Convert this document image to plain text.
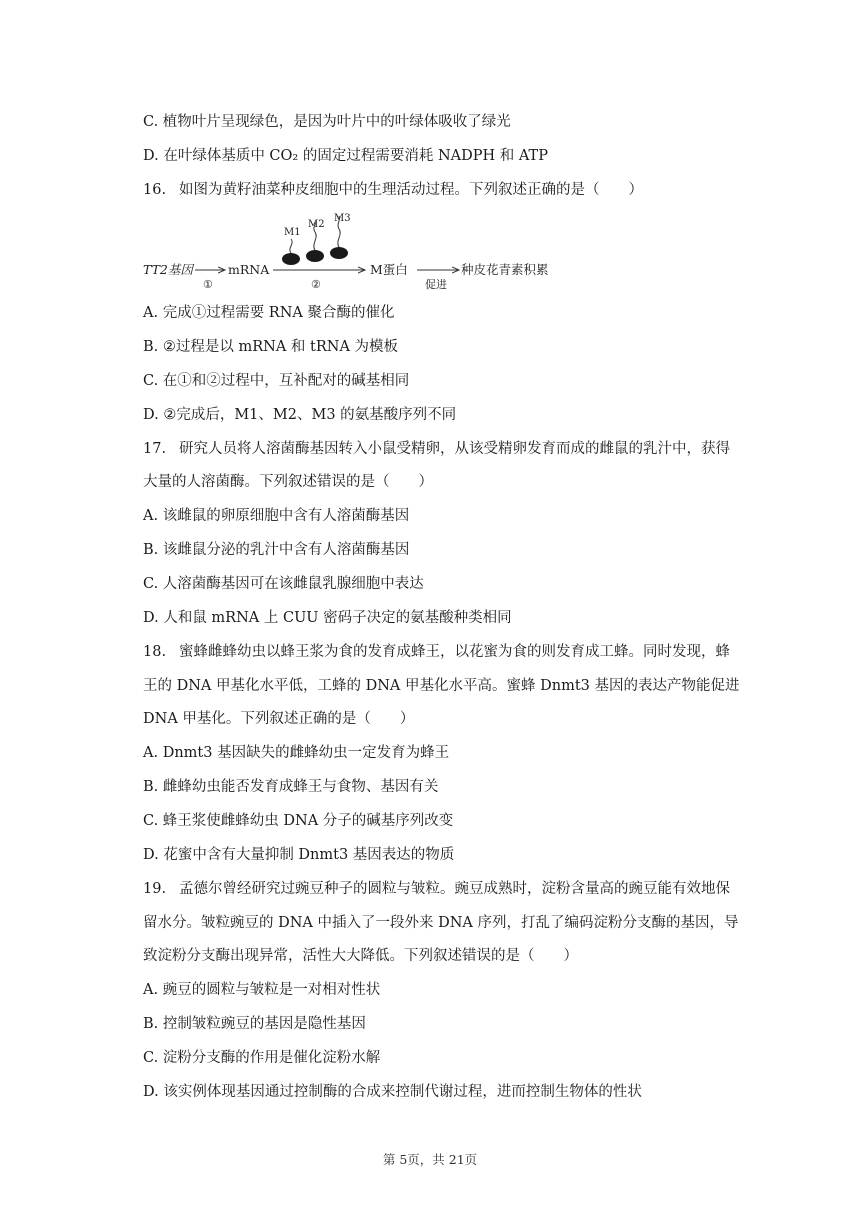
C. 植物叶片呈现绿色，是因为叶片中的叶绿体吸收了绿光
D. 在叶绿体基质中 CO₂ 的固定过程需要消耗 NADPH 和 ATP
16. 如图为黄籽油菜种皮细胞中的生理活动过程。下列叙述正确的是（　　）
TT2基因
①
mRNA
②
M1
M2
M3
M蛋白
促进
种皮花青素积累
A. 完成①过程需要 RNA 聚合酶的催化
B. ②过程是以 mRNA 和 tRNA 为模板
C. 在①和②过程中，互补配对的碱基相同
D. ②完成后，M1、M2、M3 的氨基酸序列不同
17. 研究人员将人溶菌酶基因转入小鼠受精卵，从该受精卵发育而成的雌鼠的乳汁中，获得
大量的人溶菌酶。下列叙述错误的是（　　）
A. 该雌鼠的卵原细胞中含有人溶菌酶基因
B. 该雌鼠分泌的乳汁中含有人溶菌酶基因
C. 人溶菌酶基因可在该雌鼠乳腺细胞中表达
D. 人和鼠 mRNA 上 CUU 密码子决定的氨基酸种类相同
18. 蜜蜂雌蜂幼虫以蜂王浆为食的发育成蜂王，以花蜜为食的则发育成工蜂。同时发现，蜂
王的 DNA 甲基化水平低，工蜂的 DNA 甲基化水平高。蜜蜂 Dnmt3 基因的表达产物能促进
DNA 甲基化。下列叙述正确的是（　　）
A. Dnmt3 基因缺失的雌蜂幼虫一定发育为蜂王
B. 雌蜂幼虫能否发育成蜂王与食物、基因有关
C. 蜂王浆使雌蜂幼虫 DNA 分子的碱基序列改变
D. 花蜜中含有大量抑制 Dnmt3 基因表达的物质
19. 孟德尔曾经研究过豌豆种子的圆粒与皱粒。豌豆成熟时，淀粉含量高的豌豆能有效地保
留水分。皱粒豌豆的 DNA 中插入了一段外来 DNA 序列，打乱了编码淀粉分支酶的基因，导
致淀粉分支酶出现异常，活性大大降低。下列叙述错误的是（　　）
A. 豌豆的圆粒与皱粒是一对相对性状
B. 控制皱粒豌豆的基因是隐性基因
C. 淀粉分支酶的作用是催化淀粉水解
D. 该实例体现基因通过控制酶的合成来控制代谢过程，进而控制生物体的性状
第 5页，共 21页
